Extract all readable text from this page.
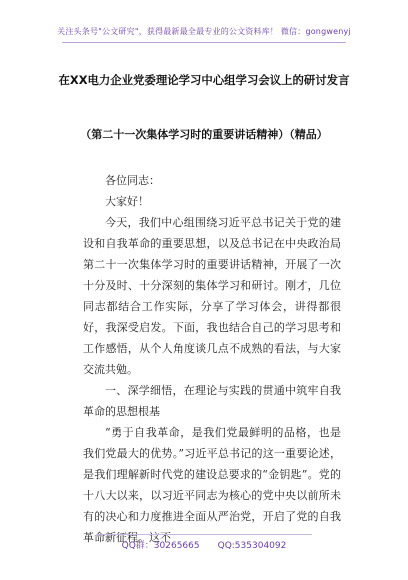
关注头条号"公文研究"，获得最新最全最专业的公文资料库！ 微信：gongwenyj
在XX电力企业党委理论学习中心组学习会议上的研讨发言
（第二十一次集体学习时的重要讲话精神）（精品）

各位同志：

大家好！

今天，我们中心组围绕习近平总书记关于党的建设和自我革命的重要思想，以及总书记在中央政治局第二十一次集体学习时的重要讲话精神，开展了一次十分及时、十分深刻的集体学习和研讨。刚才，几位同志都结合工作实际，分享了学习体会，讲得都很好，我深受启发。下面，我也结合自己的学习思考和工作感悟，从个人角度谈几点不成熟的看法，与大家交流共勉。

一、深学细悟，在理论与实践的贯通中筑牢自我革命的思想根基

“勇于自我革命，是我们党最鲜明的品格，也是我们党最大的优势。”习近平总书记的这一重要论述，是我们理解新时代党的建设总要求的“金钥匙”。党的十八大以来，以习近平同志为核心的党中央以前所未有的决心和力度推进全面从严治党，开启了党的自我革命新征程。这不

QQ群：30265665 QQ:535304092
